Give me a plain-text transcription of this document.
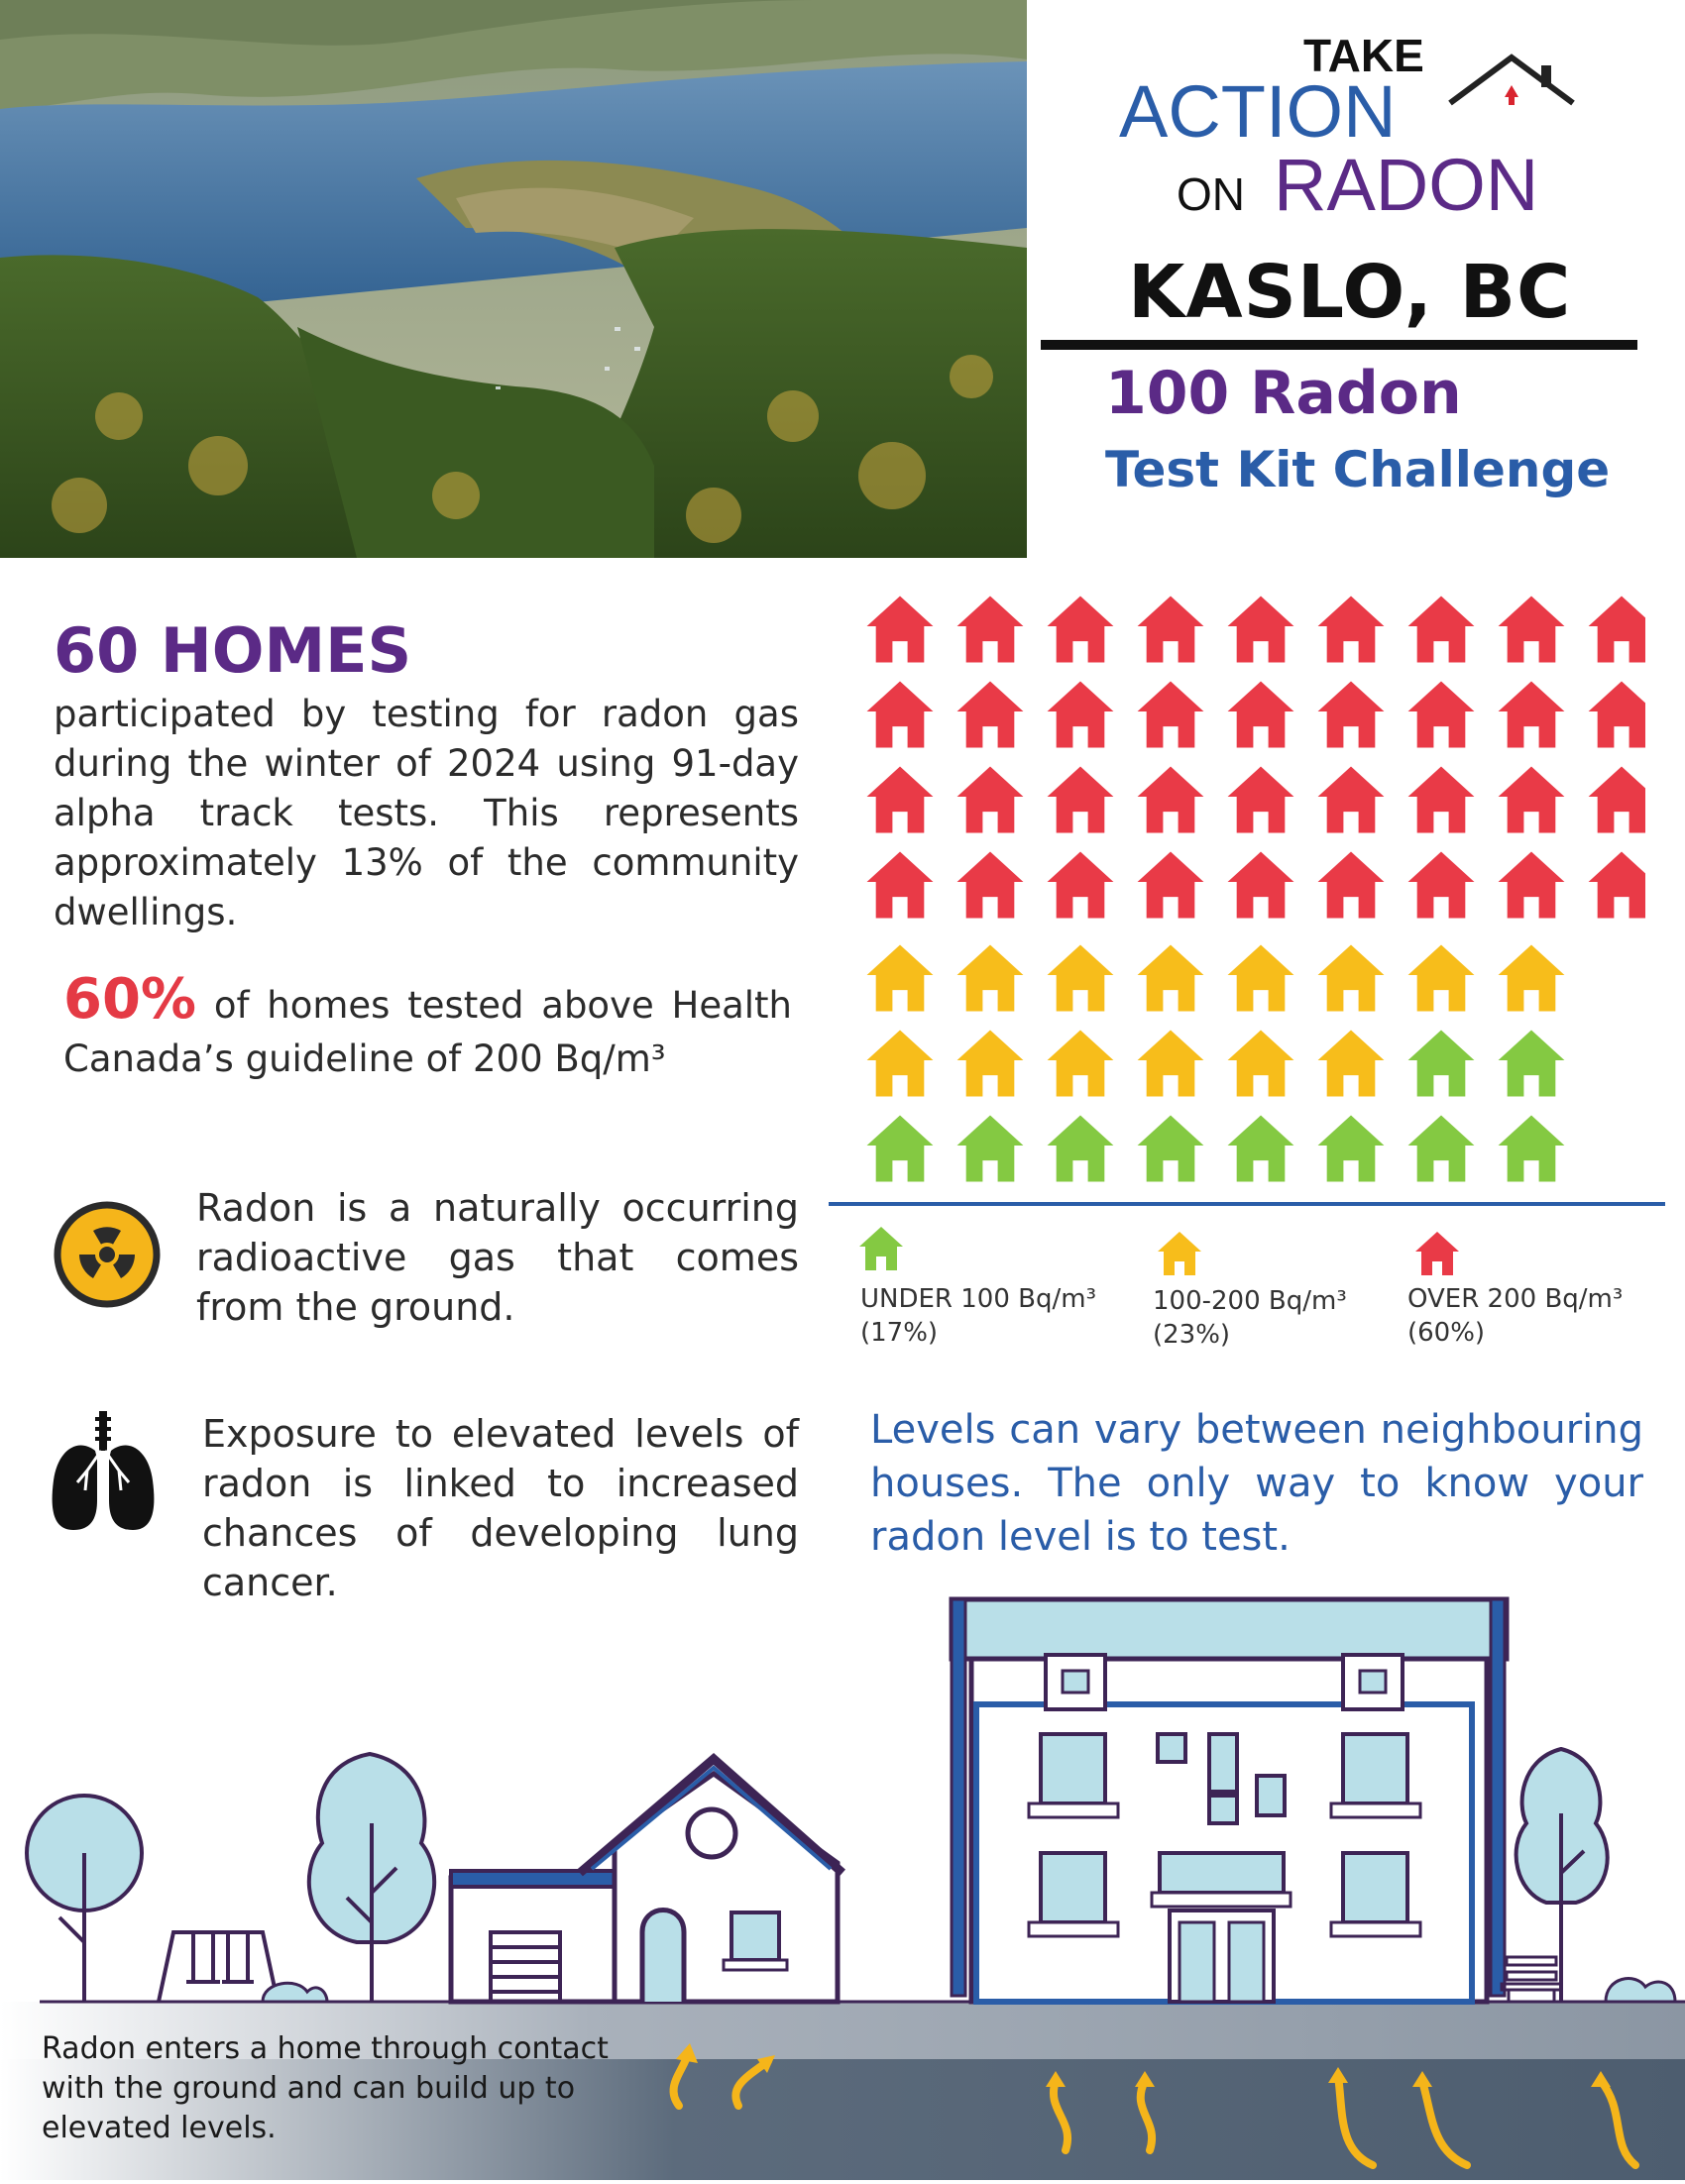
TAKE
ACTION
ON RADON
KASLO, BC
100 Radon
Test Kit Challenge
60 HOMES
participated by testing for radon gas during the winter of 2024 using 91-day alpha track tests. This represents approximately 13% of the community dwellings.
60% of homes tested above Health Canada’s guideline of 200 Bq/m³
Radon is a naturally occurring radioactive gas that comes from the ground.
Exposure to elevated levels of radon is linked to increased chances of developing lung cancer.
UNDER 100 Bq/m³
(17%)
100-200 Bq/m³
(23%)
OVER 200 Bq/m³
(60%)
Levels can vary between neighbouring houses. The only way to know your radon level is to test.
Radon enters a home through contact with the ground and can build up to elevated levels.
